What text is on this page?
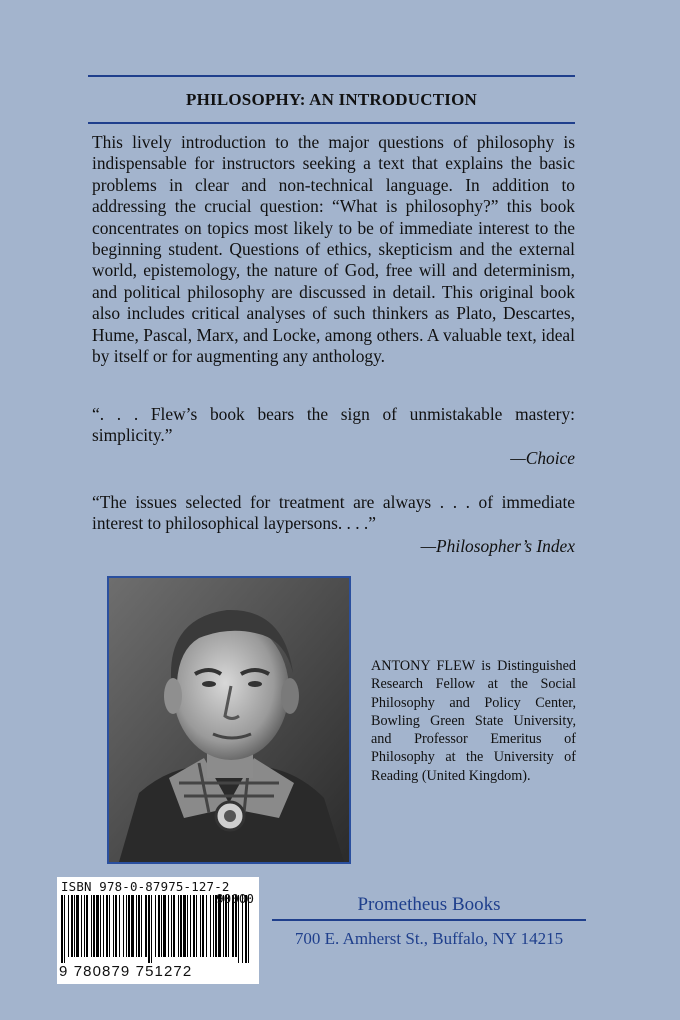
PHILOSOPHY: AN INTRODUCTION
This lively introduction to the major questions of philosophy is indispensable for instructors seeking a text that explains the basic problems in clear and non-technical language. In addition to addressing the crucial question: “What is philosophy?” this book concentrates on topics most likely to be of immediate interest to the beginning student. Questions of ethics, skepticism and the external world, epistemology, the nature of God, free will and determinism, and political philosophy are discussed in detail. This original book also includes critical analyses of such thinkers as Plato, Descartes, Hume, Pascal, Marx, and Locke, among others. A valuable text, ideal by itself or for augmenting any anthology.
“. . . Flew’s book bears the sign of unmistakable mastery: simplicity.”
—Choice
“The issues selected for treatment are always . . . of immediate interest to philosophical laypersons. . . .”
—Philosopher’s Index
ANTONY FLEW is Distinguished Research Fellow at the Social Philosophy and Policy Center, Bowling Green State University, and Professor Emeritus of Philosophy at the University of Reading (United Kingdom).
ISBN 978-0-87975-127-2
9 780879 751272
90000	Prometheus Books
700 E. Amherst St., Buffalo, NY 14215
